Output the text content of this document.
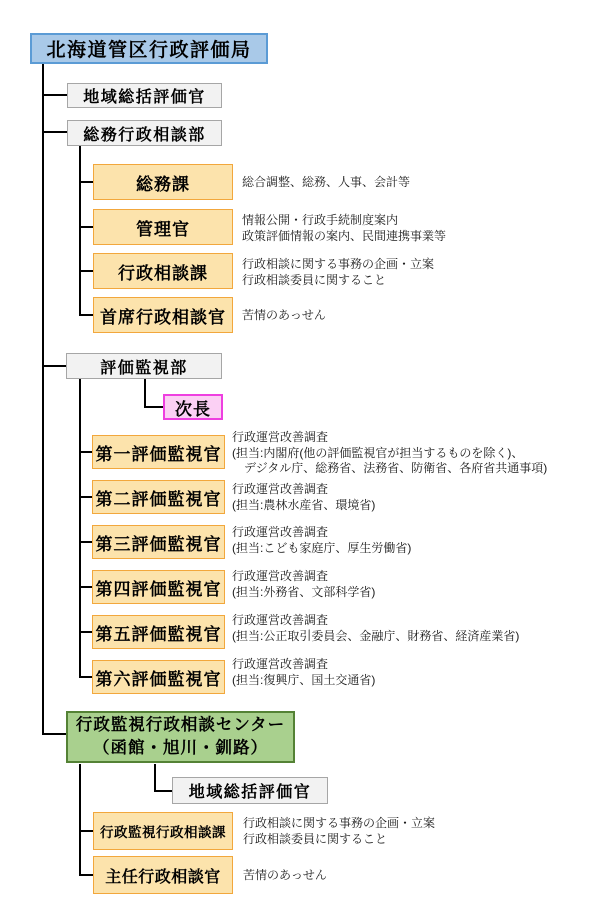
北海道管区行政評価局
地域総括評価官
総務行政相談部
総務課	総合調整、総務、人事、会計等
管理官	情報公開・行政手続制度案内
政策評価情報の案内、民間連携事業等
行政相談課	行政相談に関する事務の企画・立案
行政相談委員に関すること
首席行政相談官 苦情のあっせん
評価監視部
次長
第一評価監視官
行政運営改善調査
(担当:内閣府(他の評価監視官が担当するものを除く)、
　デジタル庁、総務省、法務省、防衛省、各府省共通事項)
第二評価監視官
行政運営改善調査
(担当:農林水産省、環境省)
第三評価監視官
行政運営改善調査
(担当:こども家庭庁、厚生労働省)
第四評価監視官
行政運営改善調査
(担当:外務省、文部科学省)
第五評価監視官
行政運営改善調査
(担当:公正取引委員会、金融庁、財務省、経済産業省)
第六評価監視官
行政運営改善調査
(担当:復興庁、国土交通省)
行政監視行政相談センター
（函館・旭川・釧路）
地域総括評価官
行政監視行政相談課
行政相談に関する事務の企画・立案
行政相談委員に関すること
主任行政相談官 苦情のあっせん
